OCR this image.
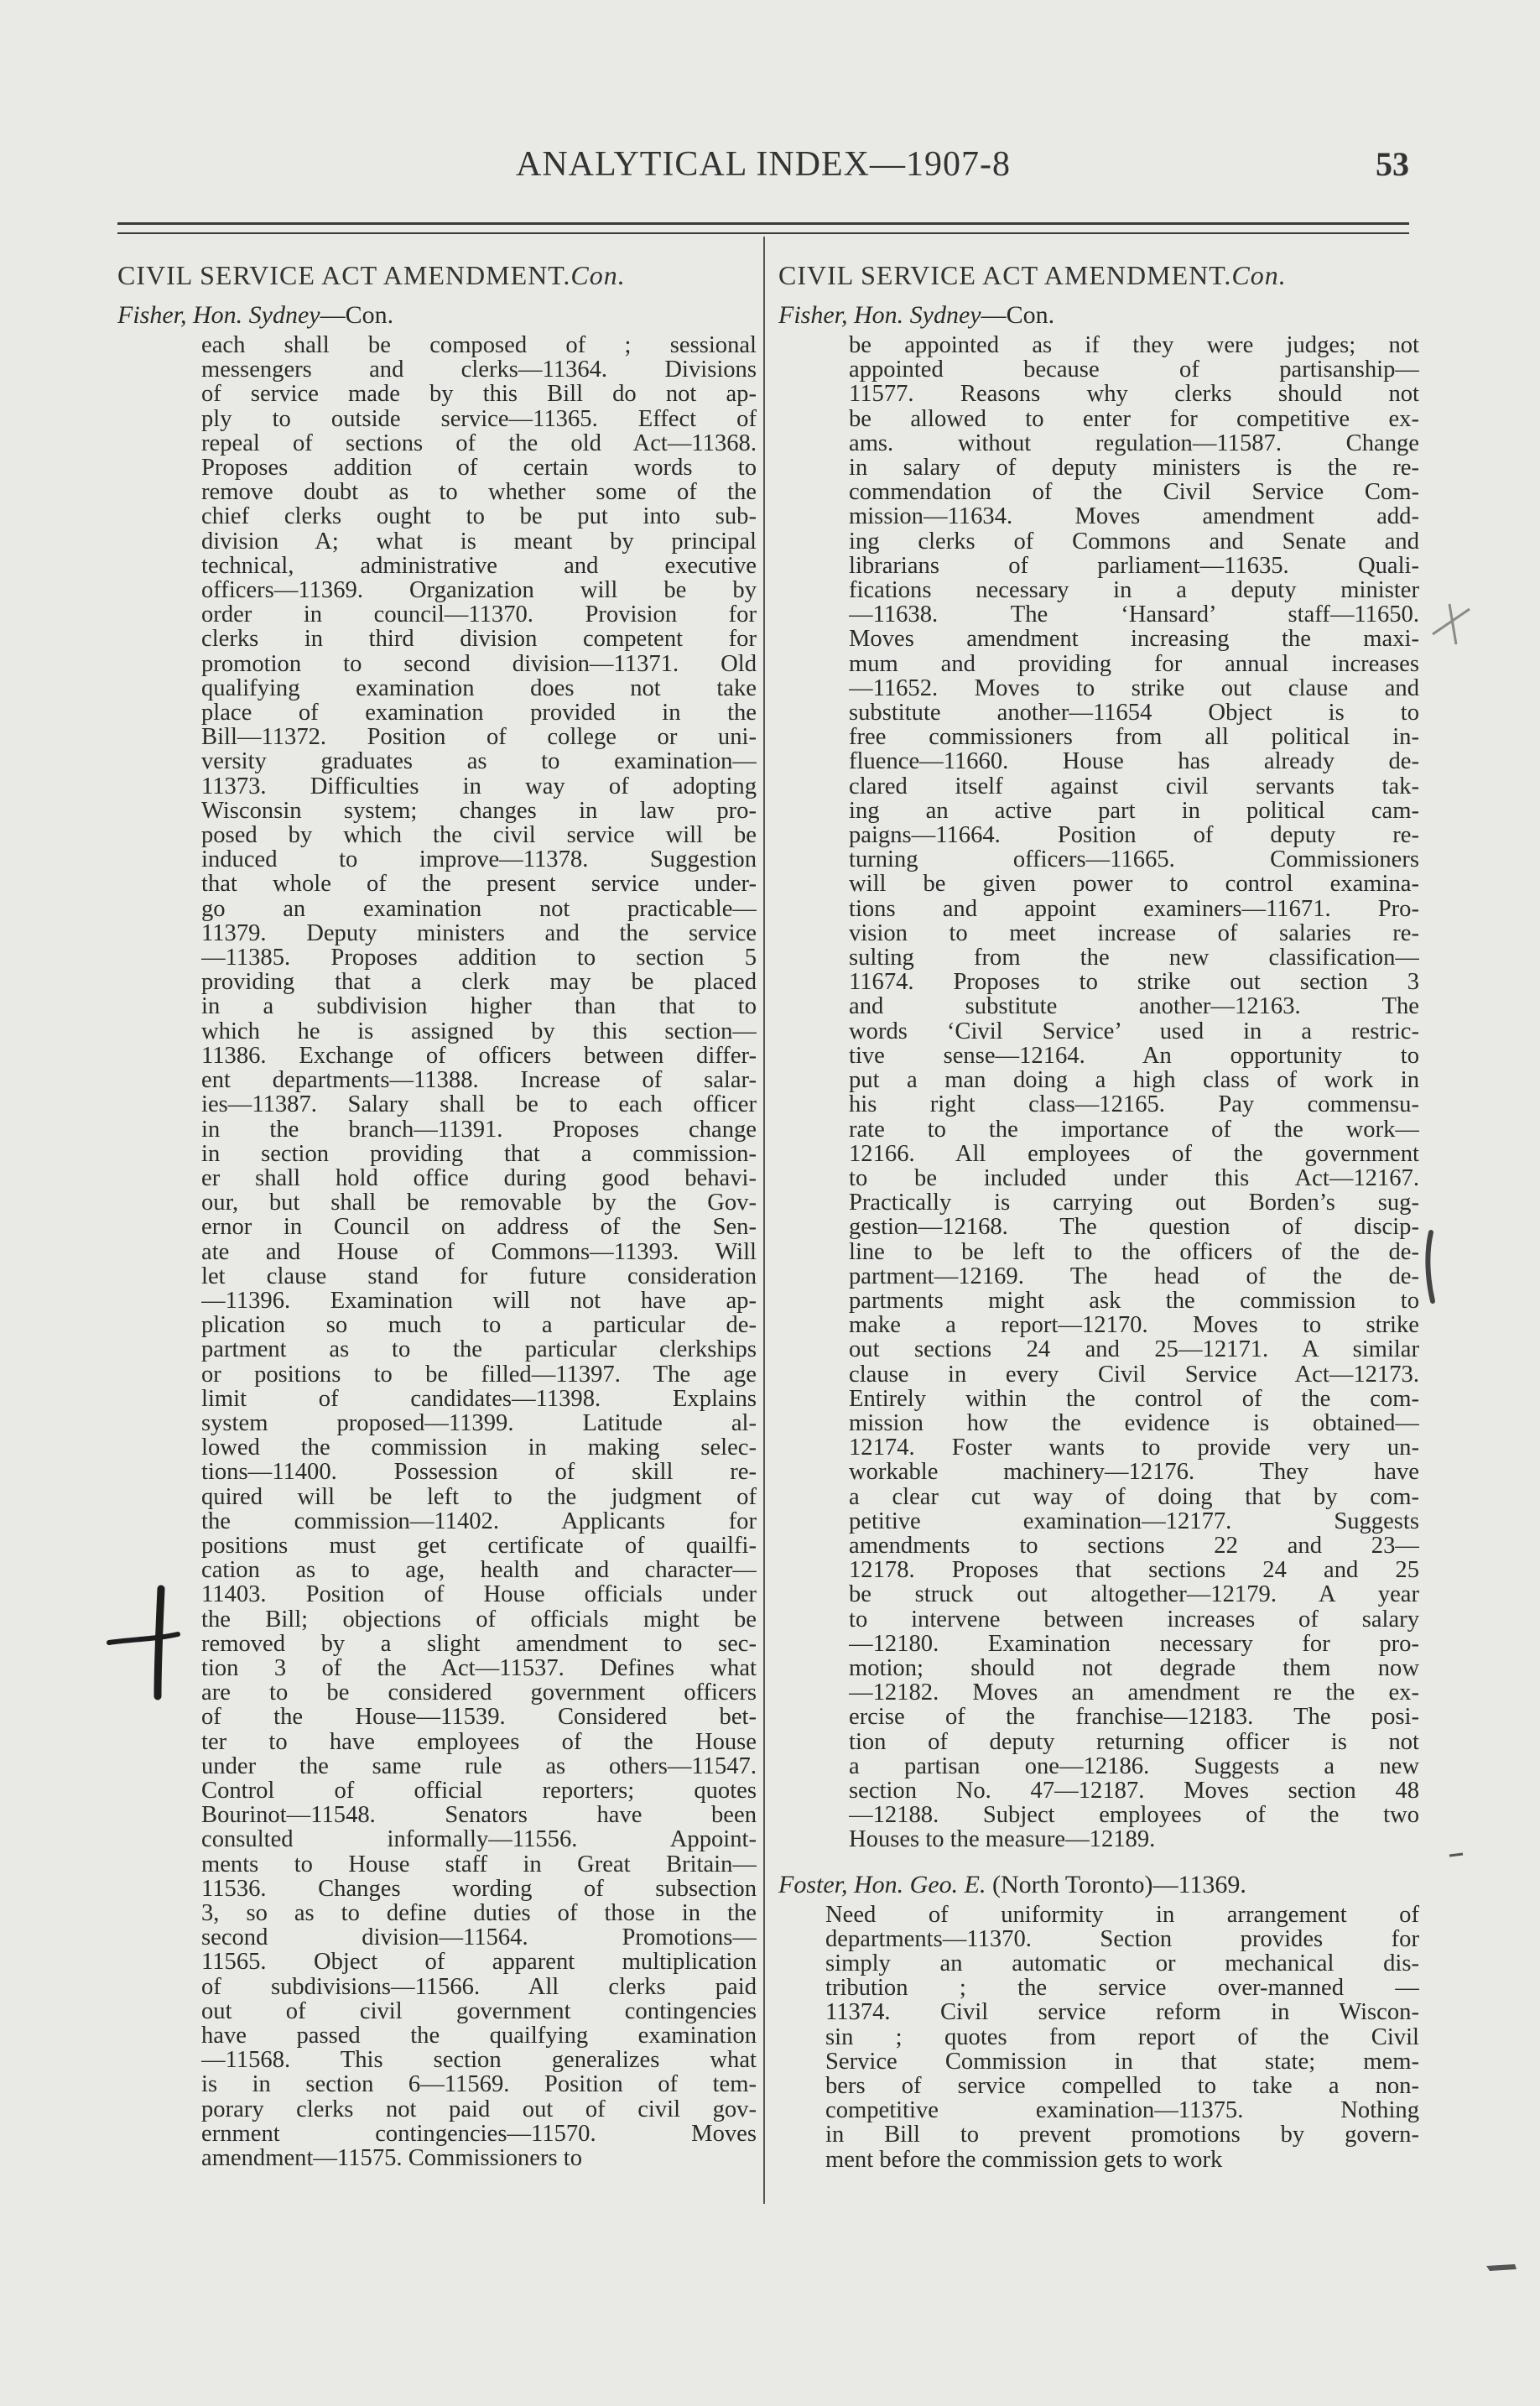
ANALYTICAL INDEX—1907-8	53
CIVIL SERVICE ACT AMENDMENT.Con.
Fisher, Hon. Sydney—Con.
each shall be composed of ; sessional
messengers and clerks—11364. Divisions
of service made by this Bill do not ap-
ply to outside service—11365. Effect of
repeal of sections of the old Act—11368.
Proposes addition of certain words to
remove doubt as to whether some of the
chief clerks ought to be put into sub-
division A; what is meant by principal
technical, administrative and executive
officers—11369. Organization will be by
order in council—11370. Provision for
clerks in third division competent for
promotion to second division—11371. Old
qualifying examination does not take
place of examination provided in the
Bill—11372. Position of college or uni-
versity graduates as to examination—
11373. Difficulties in way of adopting
Wisconsin system; changes in law pro-
posed by which the civil service will be
induced to improve—11378. Suggestion
that whole of the present service under-
go an examination not practicable—
11379. Deputy ministers and the service
—11385. Proposes addition to section 5
providing that a clerk may be placed
in a subdivision higher than that to
which he is assigned by this section—
11386. Exchange of officers between differ-
ent departments—11388. Increase of salar-
ies—11387. Salary shall be to each officer
in the branch—11391. Proposes change
in section providing that a commission-
er shall hold office during good behavi-
our, but shall be removable by the Gov-
ernor in Council on address of the Sen-
ate and House of Commons—11393. Will
let clause stand for future consideration
—11396. Examination will not have ap-
plication so much to a particular de-
partment as to the particular clerkships
or positions to be filled—11397. The age
limit of candidates—11398. Explains
system proposed—11399. Latitude al-
lowed the commission in making selec-
tions—11400. Possession of skill re-
quired will be left to the judgment of
the commission—11402. Applicants for
positions must get certificate of quailfi-
cation as to age, health and character—
11403. Position of House officials under
the Bill; objections of officials might be
removed by a slight amendment to sec-
tion 3 of the Act—11537. Defines what
are to be considered government officers
of the House—11539. Considered bet-
ter to have employees of the House
under the same rule as others—11547.
Control of official reporters; quotes
Bourinot—11548. Senators have been
consulted informally—11556. Appoint-
ments to House staff in Great Britain—
11536. Changes wording of subsection
3, so as to define duties of those in the
second division—11564. Promotions—
11565. Object of apparent multiplication
of subdivisions—11566. All clerks paid
out of civil government contingencies
have passed the quailfying examination
—11568. This section generalizes what
is in section 6—11569. Position of tem-
porary clerks not paid out of civil gov-
ernment contingencies—11570. Moves
amendment—11575. Commissioners to
CIVIL SERVICE ACT AMENDMENT.Con.
Fisher, Hon. Sydney—Con.
be appointed as if they were judges; not
appointed because of partisanship—
11577. Reasons why clerks should not
be allowed to enter for competitive ex-
ams. without regulation—11587. Change
in salary of deputy ministers is the re-
commendation of the Civil Service Com-
mission—11634. Moves amendment add-
ing clerks of Commons and Senate and
librarians of parliament—11635. Quali-
fications necessary in a deputy minister
—11638. The ‘Hansard’ staff—11650.
Moves amendment increasing the maxi-
mum and providing for annual increases
—11652. Moves to strike out clause and
substitute another—11654 Object is to
free commissioners from all political in-
fluence—11660. House has already de-
clared itself against civil servants tak-
ing an active part in political cam-
paigns—11664. Position of deputy re-
turning officers—11665. Commissioners
will be given power to control examina-
tions and appoint examiners—11671. Pro-
vision to meet increase of salaries re-
sulting from the new classification—
11674. Proposes to strike out section 3
and substitute another—12163. The
words ‘Civil Service’ used in a restric-
tive sense—12164. An opportunity to
put a man doing a high class of work in
his right class—12165. Pay commensu-
rate to the importance of the work—
12166. All employees of the government
to be included under this Act—12167.
Practically is carrying out Borden’s sug-
gestion—12168. The question of discip-
line to be left to the officers of the de-
partment—12169. The head of the de-
partments might ask the commission to
make a report—12170. Moves to strike
out sections 24 and 25—12171. A similar
clause in every Civil Service Act—12173.
Entirely within the control of the com-
mission how the evidence is obtained—
12174. Foster wants to provide very un-
workable machinery—12176. They have
a clear cut way of doing that by com-
petitive examination—12177. Suggests
amendments to sections 22 and 23—
12178. Proposes that sections 24 and 25
be struck out altogether—12179. A year
to intervene between increases of salary
—12180. Examination necessary for pro-
motion; should not degrade them now
—12182. Moves an amendment re the ex-
ercise of the franchise—12183. The posi-
tion of deputy returning officer is not
a partisan one—12186. Suggests a new
section No. 47—12187. Moves section 48
—12188. Subject employees of the two
Houses to the measure—12189.
Foster, Hon. Geo. E. (North Toronto)—11369.
Need of uniformity in arrangement of
departments—11370. Section provides for
simply an automatic or mechanical dis-
tribution ; the service over-manned —
11374. Civil service reform in Wiscon-
sin ; quotes from report of the Civil
Service Commission in that state; mem-
bers of service compelled to take a non-
competitive examination—11375. Nothing
in Bill to prevent promotions by govern-
ment before the commission gets to work
